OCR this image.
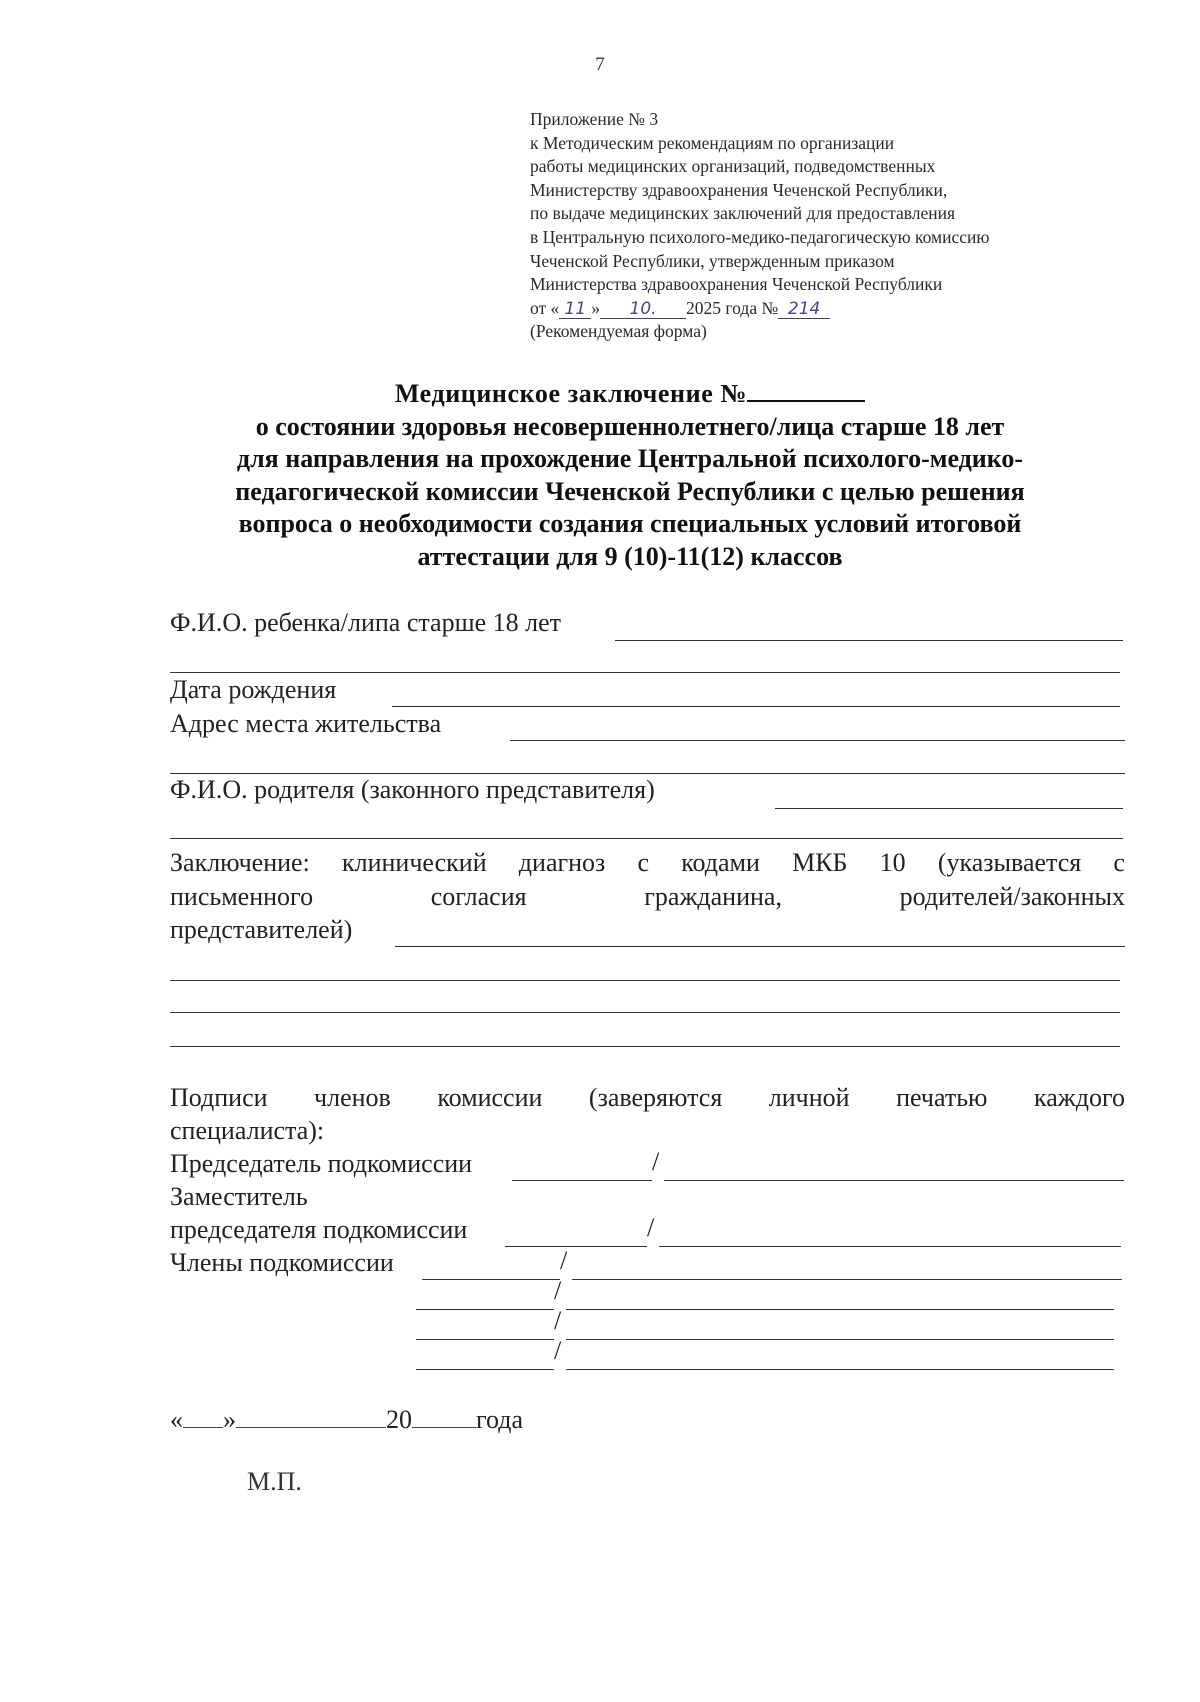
7
Приложение № 3
к Методическим рекомендациям по организации
работы медицинских организаций, подведомственных
Министерству здравоохранения Чеченской Республики,
по выдаче медицинских заключений для предоставления
в Центральную психолого-медико-педагогическую комиссию
Чеченской Республики, утвержденным приказом
Министерства здравоохранения Чеченской Республики
от « 11 » 10. 2025 года № 214
(Рекомендуемая форма)
Медицинское заключение №
о состоянии здоровья несовершеннолетнего/лица старше 18 лет
для направления на прохождение Центральной психолого-медико-
педагогической комиссии Чеченской Республики с целью решения
вопроса о необходимости создания специальных условий итоговой
аттестации для 9 (10)-11(12) классов
Ф.И.О. ребенка/липа старше 18 лет
Дата рождения
Адрес места жительства
Ф.И.О. родителя (законного представителя)
Заключение: клинический диагноз с кодами МКБ 10 (указывается с
письменного	согласия	гражданина,	родителей/законных
представителей)
Подписи членов комиссии (заверяются личной печатью каждого
специалиста):
Председатель подкомиссии	/
Заместитель
председателя подкомиссии	/
Члены подкомиссии	/
/
/
/
« »	20 года
М.П.
